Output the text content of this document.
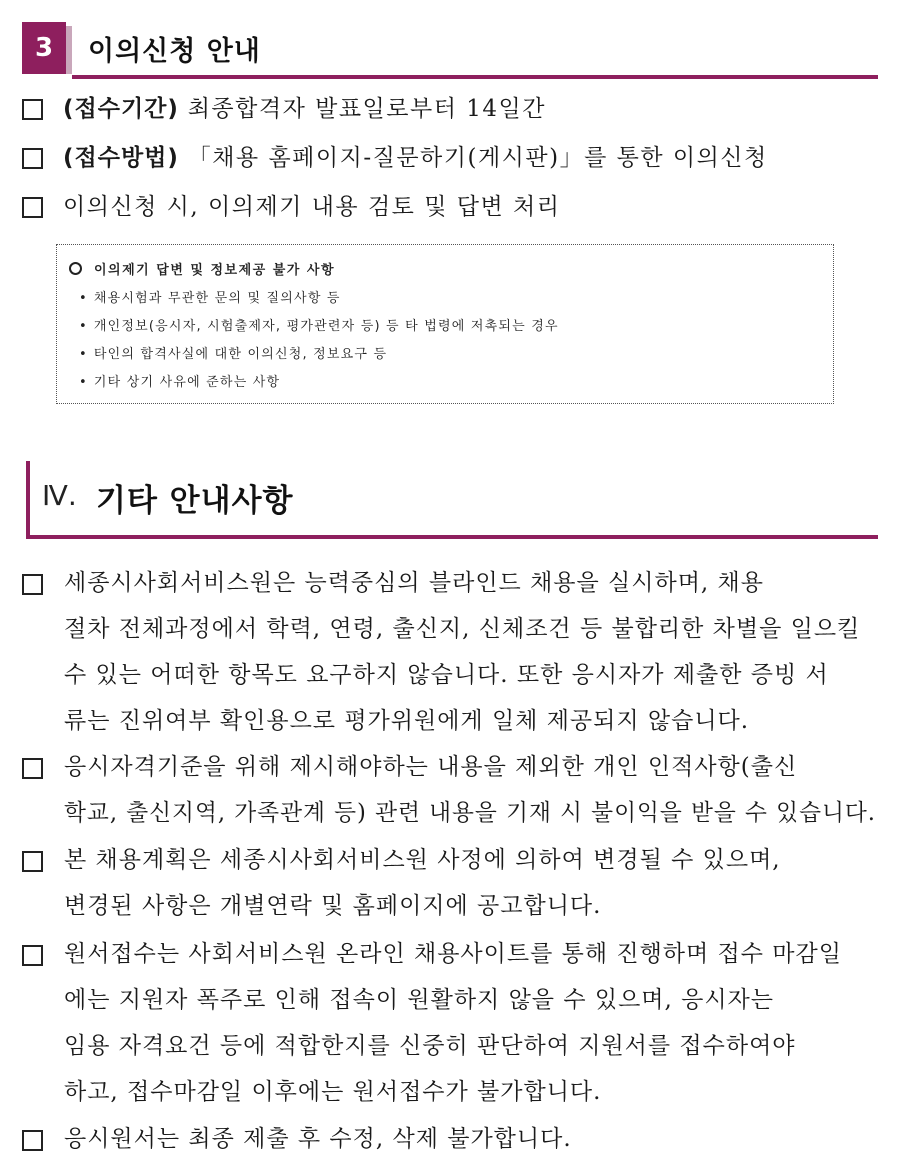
3	이의신청 안내
(접수기간) 최종합격자 발표일로부터 14일간
(접수방법) 「채용 홈페이지-질문하기(게시판)」를 통한 이의신청
이의신청 시, 이의제기 내용 검토 및 답변 처리
이의제기 답변 및 정보제공 불가 사항
• 채용시험과 무관한 문의 및 질의사항 등
• 개인정보(응시자, 시험출제자, 평가관련자 등) 등 타 법령에 저촉되는 경우
• 타인의 합격사실에 대한 이의신청, 정보요구 등
• 기타 상기 사유에 준하는 사항
Ⅳ. 기타 안내사항
세종시사회서비스원은 능력중심의 블라인드 채용을 실시하며, 채용
절차 전체과정에서 학력, 연령, 출신지, 신체조건 등 불합리한 차별을 일으킬
수 있는 어떠한 항목도 요구하지 않습니다. 또한 응시자가 제출한 증빙 서
류는 진위여부 확인용으로 평가위원에게 일체 제공되지 않습니다.
응시자격기준을 위해 제시해야하는 내용을 제외한 개인 인적사항(출신
학교, 출신지역, 가족관계 등) 관련 내용을 기재 시 불이익을 받을 수 있습니다.
본 채용계획은 세종시사회서비스원 사정에 의하여 변경될 수 있으며,
변경된 사항은 개별연락 및 홈페이지에 공고합니다.
원서접수는 사회서비스원 온라인 채용사이트를 통해 진행하며 접수 마감일
에는 지원자 폭주로 인해 접속이 원활하지 않을 수 있으며, 응시자는
임용 자격요건 등에 적합한지를 신중히 판단하여 지원서를 접수하여야
하고, 접수마감일 이후에는 원서접수가 불가합니다.
응시원서는 최종 제출 후 수정, 삭제 불가합니다.
